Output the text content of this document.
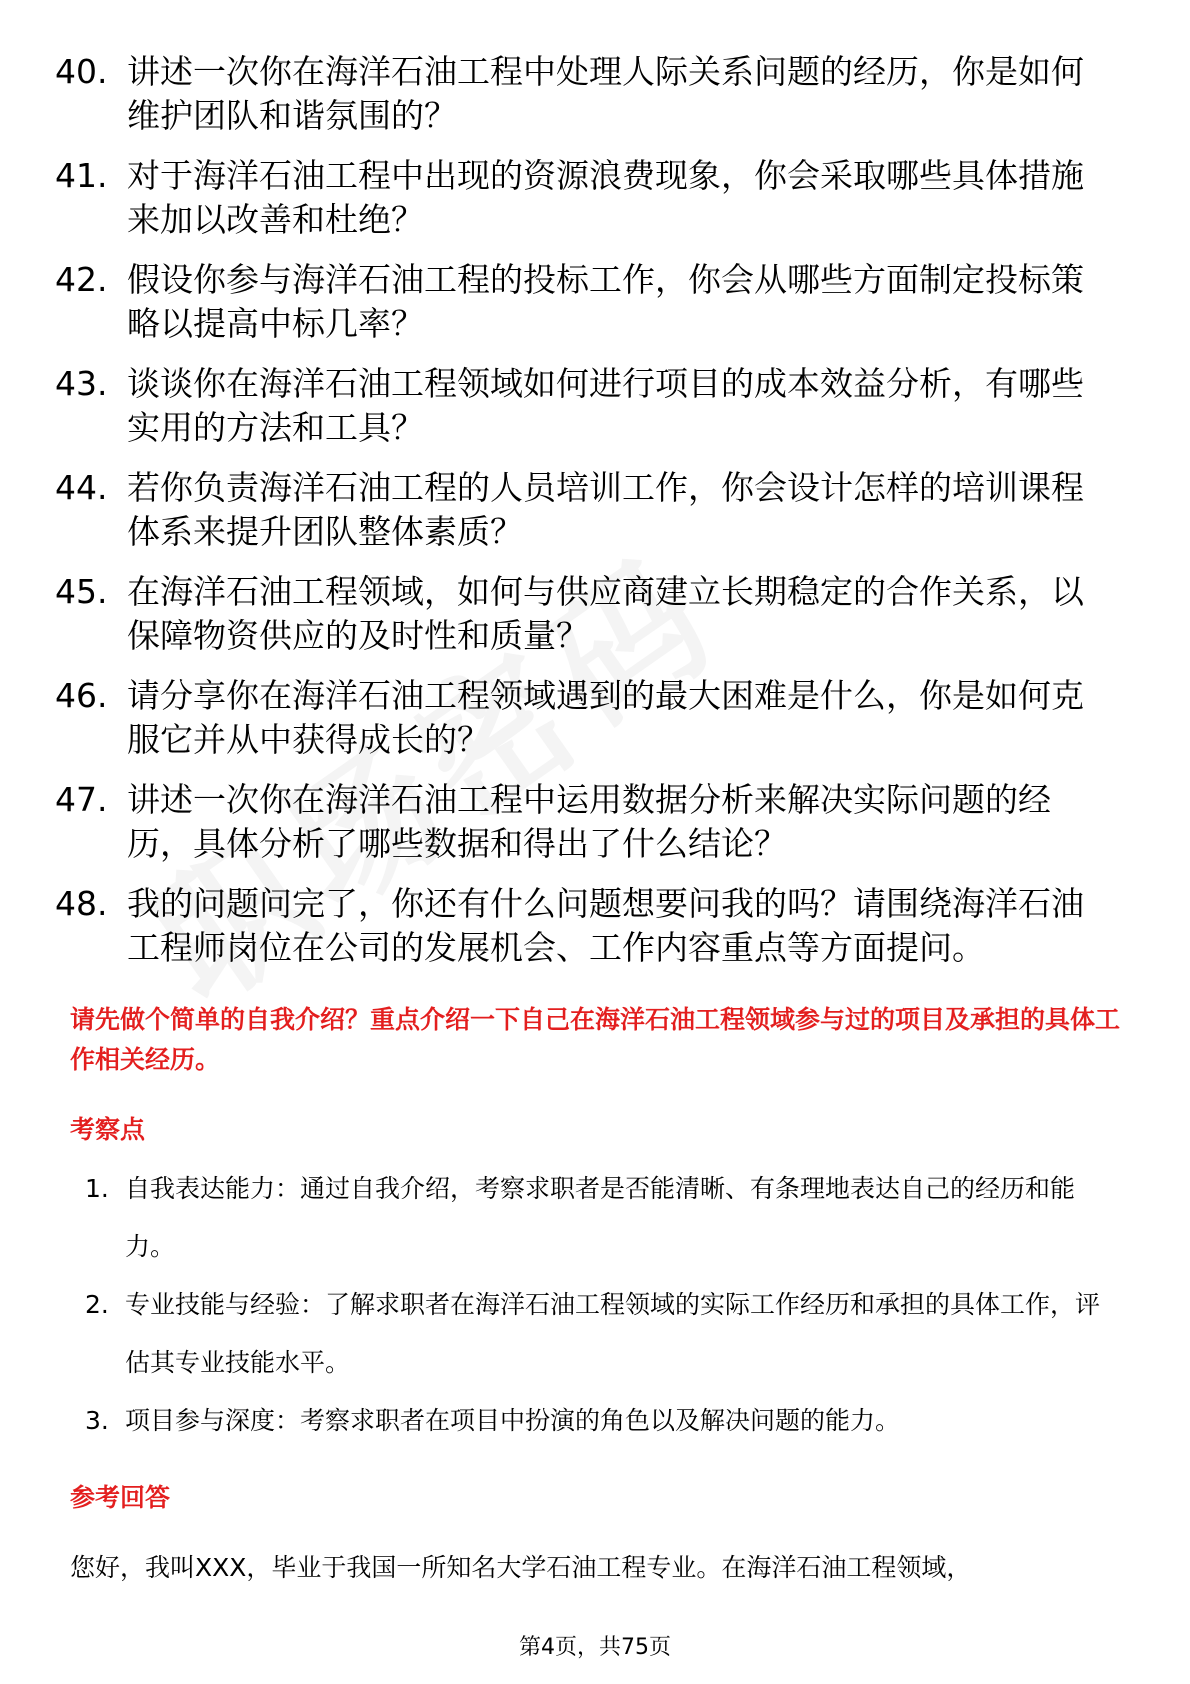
40. 讲述一次你在海洋石油工程中处理人际关系问题的经历，你是如何维护团队和谐氛围的？
41. 对于海洋石油工程中出现的资源浪费现象，你会采取哪些具体措施来加以改善和杜绝？
42. 假设你参与海洋石油工程的投标工作，你会从哪些方面制定投标策略以提高中标几率？
43. 谈谈你在海洋石油工程领域如何进行项目的成本效益分析，有哪些实用的方法和工具？
44. 若你负责海洋石油工程的人员培训工作，你会设计怎样的培训课程体系来提升团队整体素质？
45. 在海洋石油工程领域，如何与供应商建立长期稳定的合作关系，以保障物资供应的及时性和质量？
46. 请分享你在海洋石油工程领域遇到的最大困难是什么，你是如何克服它并从中获得成长的？
47. 讲述一次你在海洋石油工程中运用数据分析来解决实际问题的经历，具体分析了哪些数据和得出了什么结论？
48. 我的问题问完了，你还有什么问题想要问我的吗？请围绕海洋石油工程师岗位在公司的发展机会、工作内容重点等方面提问。

请先做个简单的自我介绍？重点介绍一下自己在海洋石油工程领域参与过的项目及承担的具体工作相关经历。

考察点
1. 自我表达能力：通过自我介绍，考察求职者是否能清晰、有条理地表达自己的经历和能力。
2. 专业技能与经验：了解求职者在海洋石油工程领域的实际工作经历和承担的具体工作，评估其专业技能水平。
3. 项目参与深度：考察求职者在项目中扮演的角色以及解决问题的能力。
参考回答

您好，我叫XXX，毕业于我国一所知名大学石油工程专业。在海洋石油工程领域，

第4页，共75页
